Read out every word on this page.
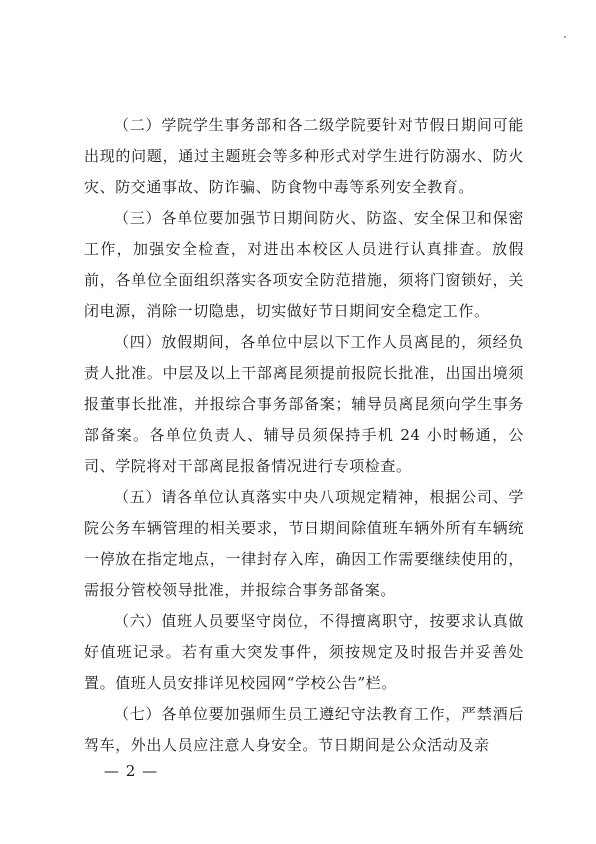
（二）学院学生事务部和各二级学院要针对节假日期间可能出现的问题，通过主题班会等多种形式对学生进行防溺水、防火灾、防交通事故、防诈骗、防食物中毒等系列安全教育。

（三）各单位要加强节日期间防火、防盗、安全保卫和保密工作，加强安全检查，对进出本校区人员进行认真排查。放假前，各单位全面组织落实各项安全防范措施，须将门窗锁好，关闭电源，消除一切隐患，切实做好节日期间安全稳定工作。

（四）放假期间，各单位中层以下工作人员离昆的，须经负责人批准。中层及以上干部离昆须提前报院长批准，出国出境须报董事长批准，并报综合事务部备案；辅导员离昆须向学生事务部备案。各单位负责人、辅导员须保持手机 24 小时畅通，公司、学院将对干部离昆报备情况进行专项检查。

（五）请各单位认真落实中央八项规定精神，根据公司、学院公务车辆管理的相关要求，节日期间除值班车辆外所有车辆统一停放在指定地点，一律封存入库，确因工作需要继续使用的，需报分管校领导批准，并报综合事务部备案。

（六）值班人员要坚守岗位，不得擅离职守，按要求认真做好值班记录。若有重大突发事件，须按规定及时报告并妥善处置。值班人员安排详见校园网“学校公告”栏。

（七）各单位要加强师生员工遵纪守法教育工作，严禁酒后驾车，外出人员应注意人身安全。节日期间是公众活动及亲

— 2 —
